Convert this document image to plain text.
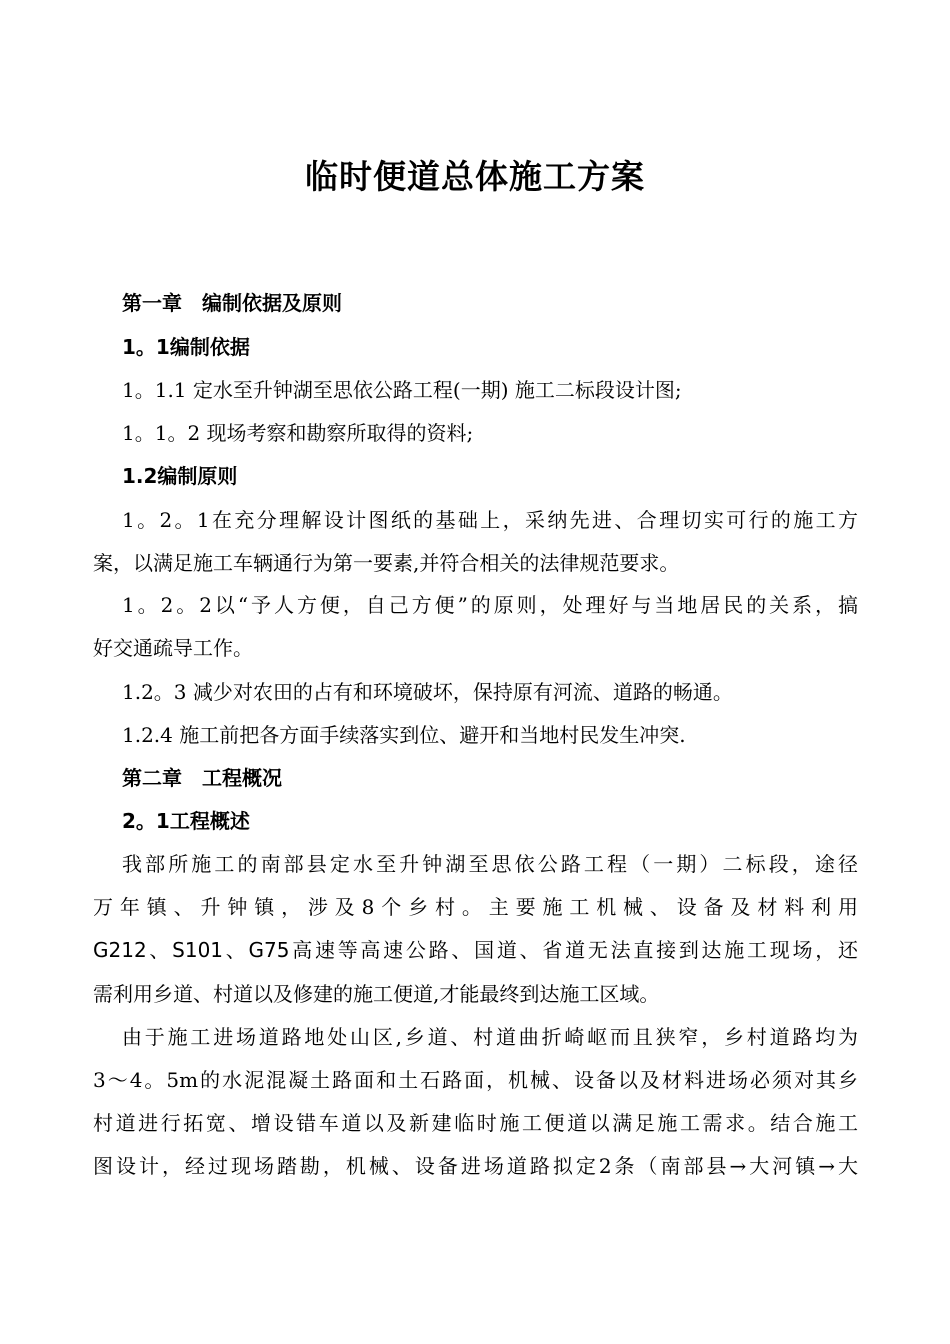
临时便道总体施工方案
第一章 编制依据及原则
1。1编制依据
1。1.1 定水至升钟湖至思依公路工程(一期) 施工二标段设计图;
1。1。2 现场考察和勘察所取得的资料;
1.2编制原则
1。2。1在充分理解设计图纸的基础上，采纳先进、合理切实可行的施工方
案，以满足施工车辆通行为第一要素,并符合相关的法律规范要求。
1。2。2以“予人方便，自己方便”的原则，处理好与当地居民的关系，搞
好交通疏导工作。
1.2。3 减少对农田的占有和环境破坏，保持原有河流、道路的畅通。
1.2.4 施工前把各方面手续落实到位、避开和当地村民发生冲突.
第二章 工程概况
2。1工程概述
我部所施工的南部县定水至升钟湖至思依公路工程（一期）二标段，途径
万年镇、升钟镇，涉及8个乡村。主要施工机械、设备及材料利用
G212、S101、G75高速等高速公路、国道、省道无法直接到达施工现场，还
需利用乡道、村道以及修建的施工便道,才能最终到达施工区域。
由于施工进场道路地处山区,乡道、村道曲折崎岖而且狭窄，乡村道路均为
3～4。5m的水泥混凝土路面和土石路面，机械、设备以及材料进场必须对其乡
村道进行拓宽、增设错车道以及新建临时施工便道以满足施工需求。结合施工
图设计，经过现场踏勘，机械、设备进场道路拟定2条（南部县→大河镇→大
